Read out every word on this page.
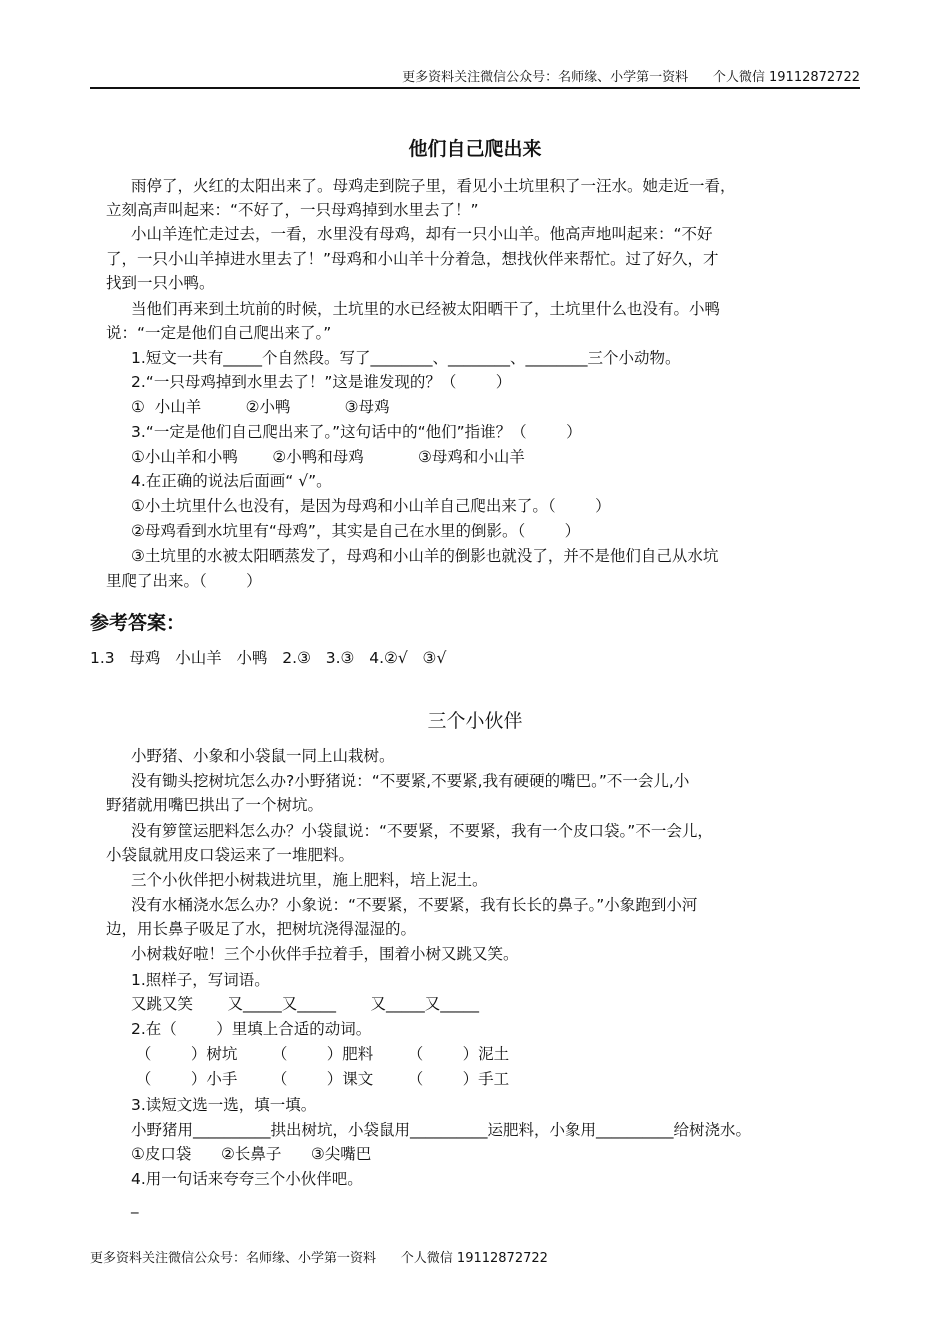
更多资料关注微信公众号：名师缘、小学第一资料      个人微信 19112872722
他们自己爬出来
雨停了，火红的太阳出来了。母鸡走到院子里，看见小土坑里积了一汪水。她走近一看，
立刻高声叫起来：“不好了，一只母鸡掉到水里去了！”
小山羊连忙走过去，一看，水里没有母鸡，却有一只小山羊。他高声地叫起来：“不好
了，一只小山羊掉进水里去了！”母鸡和小山羊十分着急，想找伙伴来帮忙。过了好久，才
找到一只小鸭。
当他们再来到土坑前的时候，土坑里的水已经被太阳晒干了，土坑里什么也没有。小鸭
说：“一定是他们自己爬出来了。”
1.短文一共有_____个自然段。写了________、________、________三个小动物。
2.“一只母鸡掉到水里去了！”这是谁发现的？（        ）
①  小山羊         ②小鸭           ③母鸡
3.“一定是他们自己爬出来了。”这句话中的“他们”指谁？（        ）
①小山羊和小鸭       ②小鸭和母鸡           ③母鸡和小山羊
4.在正确的说法后面画“ √”。
①小土坑里什么也没有，是因为母鸡和小山羊自己爬出来了。（        ）
②母鸡看到水坑里有“母鸡”，其实是自己在水里的倒影。（        ）
③土坑里的水被太阳晒蒸发了，母鸡和小山羊的倒影也就没了，并不是他们自己从水坑
里爬了出来。（        ）
参考答案：
1.3   母鸡   小山羊   小鸭   2.③   3.③   4.②√   ③√
三个小伙伴
小野猪、小象和小袋鼠一同上山栽树。
没有锄头挖树坑怎么办?小野猪说：“不要紧,不要紧,我有硬硬的嘴巴。”不一会儿,小
野猪就用嘴巴拱出了一个树坑。
没有箩筐运肥料怎么办？小袋鼠说：“不要紧，不要紧，我有一个皮口袋。”不一会儿，
小袋鼠就用皮口袋运来了一堆肥料。
三个小伙伴把小树栽进坑里，施上肥料，培上泥土。
没有水桶浇水怎么办？小象说：“不要紧，不要紧，我有长长的鼻子。”小象跑到小河
边，用长鼻子吸足了水，把树坑浇得湿湿的。
小树栽好啦！三个小伙伴手拉着手，围着小树又跳又笑。
1.照样子，写词语。
又跳又笑       又_____又_____       又_____又_____
2.在（        ）里填上合适的动词。
（        ）树坑       （        ）肥料       （        ）泥土
（        ）小手       （        ）课文       （        ）手工
3.读短文选一选，填一填。
小野猪用__________拱出树坑，小袋鼠用__________运肥料，小象用__________给树浇水。
①皮口袋      ②长鼻子      ③尖嘴巴
4.用一句话来夸夸三个小伙伴吧。
_
更多资料关注微信公众号：名师缘、小学第一资料      个人微信 19112872722
